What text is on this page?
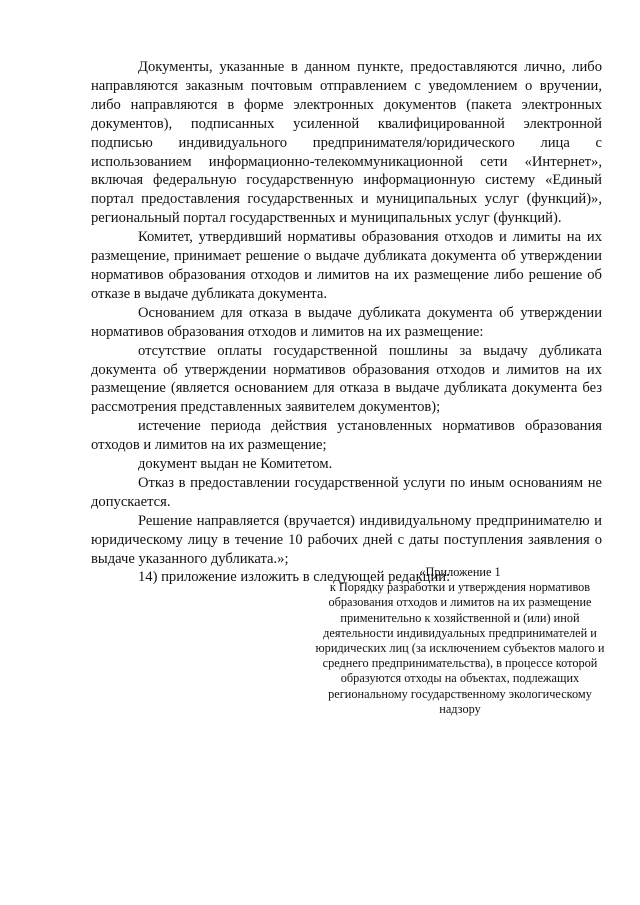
Документы, указанные в данном пункте, предоставляются лично, либо направляются заказным почтовым отправлением с уведомлением о вручении, либо направляются в форме электронных документов (пакета электронных документов), подписанных усиленной квалифицированной электронной подписью индивидуального предпринимателя/юридического лица с использованием информационно-телекоммуникационной сети «Интернет», включая федеральную государственную информационную систему «Единый портал предоставления государственных и муниципальных услуг (функций)», региональный портал государственных и муниципальных услуг (функций).

Комитет, утвердивший нормативы образования отходов и лимиты на их размещение, принимает решение о выдаче дубликата документа об утверждении нормативов образования отходов и лимитов на их размещение либо решение об отказе в выдаче дубликата документа.

Основанием для отказа в выдаче дубликата документа об утверждении нормативов образования отходов и лимитов на их размещение:

отсутствие оплаты государственной пошлины за выдачу дубликата документа об утверждении нормативов образования отходов и лимитов на их размещение (является основанием для отказа в выдаче дубликата документа без рассмотрения представленных заявителем документов);

истечение периода действия установленных нормативов образования отходов и лимитов на их размещение;

документ выдан не Комитетом.

Отказ в предоставлении государственной услуги по иным основаниям не допускается.

Решение направляется (вручается) индивидуальному предпринимателю и юридическому лицу в течение 10 рабочих дней с даты поступления заявления о выдаче указанного дубликата.»;

14) приложение изложить в следующей редакции:

«Приложение 1
к Порядку разработки и утверждения нормативов образования отходов и лимитов на их размещение применительно к хозяйственной и (или) иной деятельности индивидуальных предпринимателей и юридических лиц (за исключением субъектов малого и среднего предпринимательства), в процессе которой образуются отходы на объектах, подлежащих региональному государственному экологическому надзору
